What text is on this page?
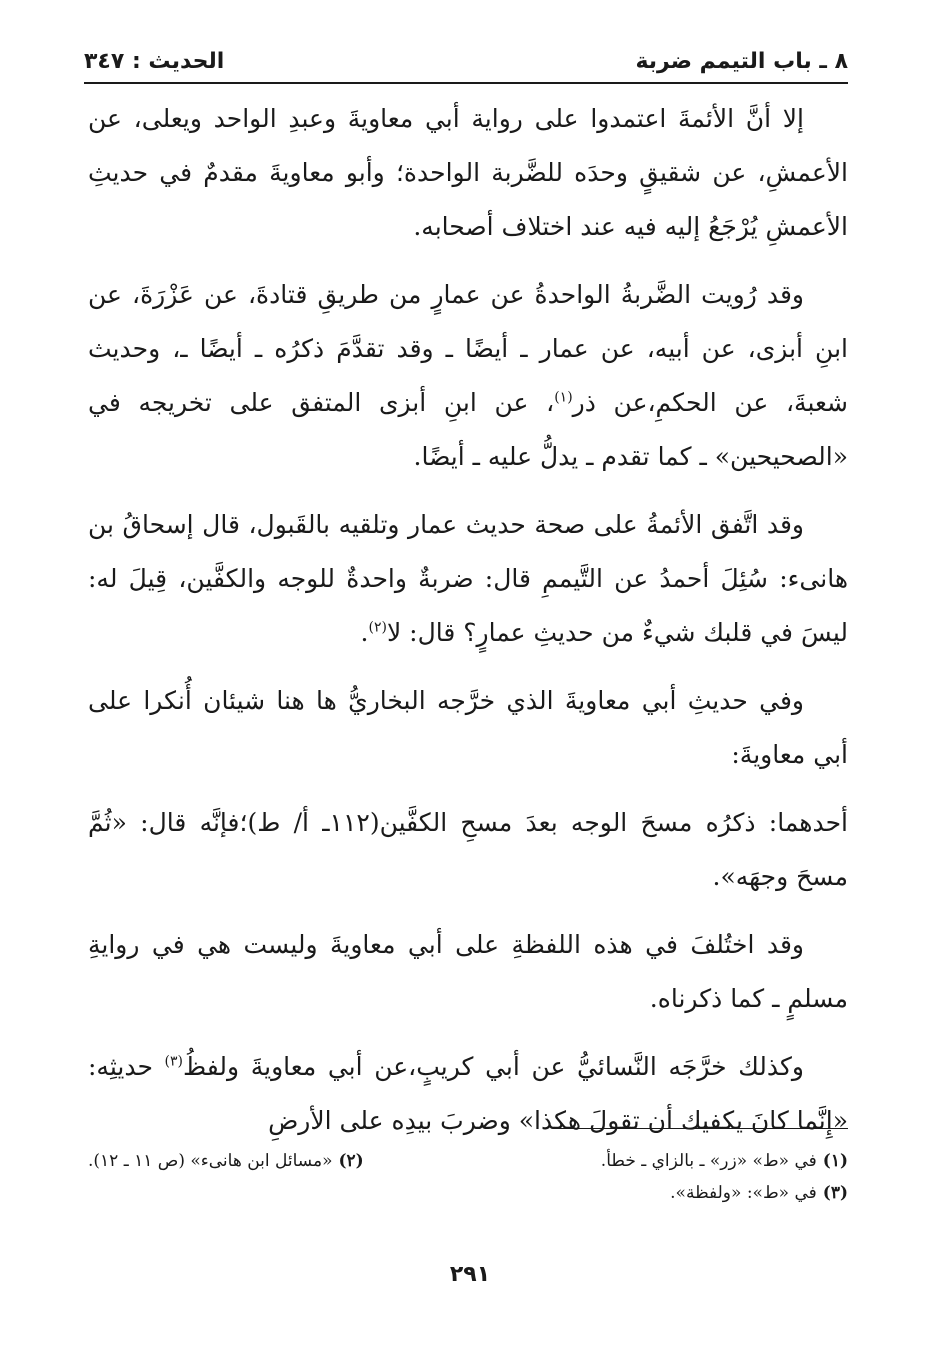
٨ ـ باب التيمم ضربة
الحديث : ٣٤٧

إلا أنَّ الأئمةَ اعتمدوا على رواية أبي معاويةَ وعبدِ الواحد ويعلى، عن الأعمشِ، عن شقيقٍ وحدَه للضَّربة الواحدة؛ وأبو معاويةَ مقدمٌ في حديثِ الأعمشِ يُرْجَعُ إليه فيه عند اختلاف أصحابه.

وقد رُويت الضَّربةُ الواحدةُ عن عمارٍ من طريقِ قتادةَ، عن عَزْرَةَ، عن ابنِ أبزى، عن أبيه، عن عمار ـ أيضًا ـ وقد تقدَّمَ ذكرُه ـ أيضًا ـ، وحديث شعبةَ، عن الحكمِ،عن ذر$^{(١)}$، عن ابنِ أبزى المتفق على تخريجه في «الصحيحين» ـ كما تقدم ـ يدلُّ عليه ـ أيضًا.

وقد اتَّفق الأئمةُ على صحة حديث عمار وتلقيه بالقَبول، قال إسحاقُ بن هانىء: سُئِلَ أحمدُ عن التَّيممِ قال: ضربةٌ واحدةٌ للوجه والكفَّين، قِيلَ له: ليسَ في قلبك شيءٌ من حديثِ عمارٍ؟ قال: لا$^{(٢)}$.

وفي حديثِ أبي معاويةَ الذي خرَّجه البخاريُّ ها هنا شيئان أُنكرا على أبي معاويةَ:

أحدهما: ذكرُه مسحَ الوجه بعدَ مسحِ الكفَّين(١١٢ـ أ/ ط)؛فإنَّه قال: «ثُمَّ مسحَ وجهَه».

وقد اختُلفَ في هذه اللفظةِ على أبي معاويةَ وليست هي في روايةِ مسلمٍ ـ كما ذكرناه.

وكذلك خرَّجَه النَّسائيُّ عن أبي كريبٍ،عن أبي معاويةَ ولفظُ$^{(٣)}$ حديثِه: «إِنَّما كانَ يكفيك أن تقولَ هكذا» وضربَ بيدِه على الأرضِ

(١)في «ط» «زر» ـ بالزاي ـ خطأ.
(٢)«مسائل ابن هانىء» (ص ١١ ـ ١٢).
(٣)في «ط»: «ولفظة».
٢٩١
